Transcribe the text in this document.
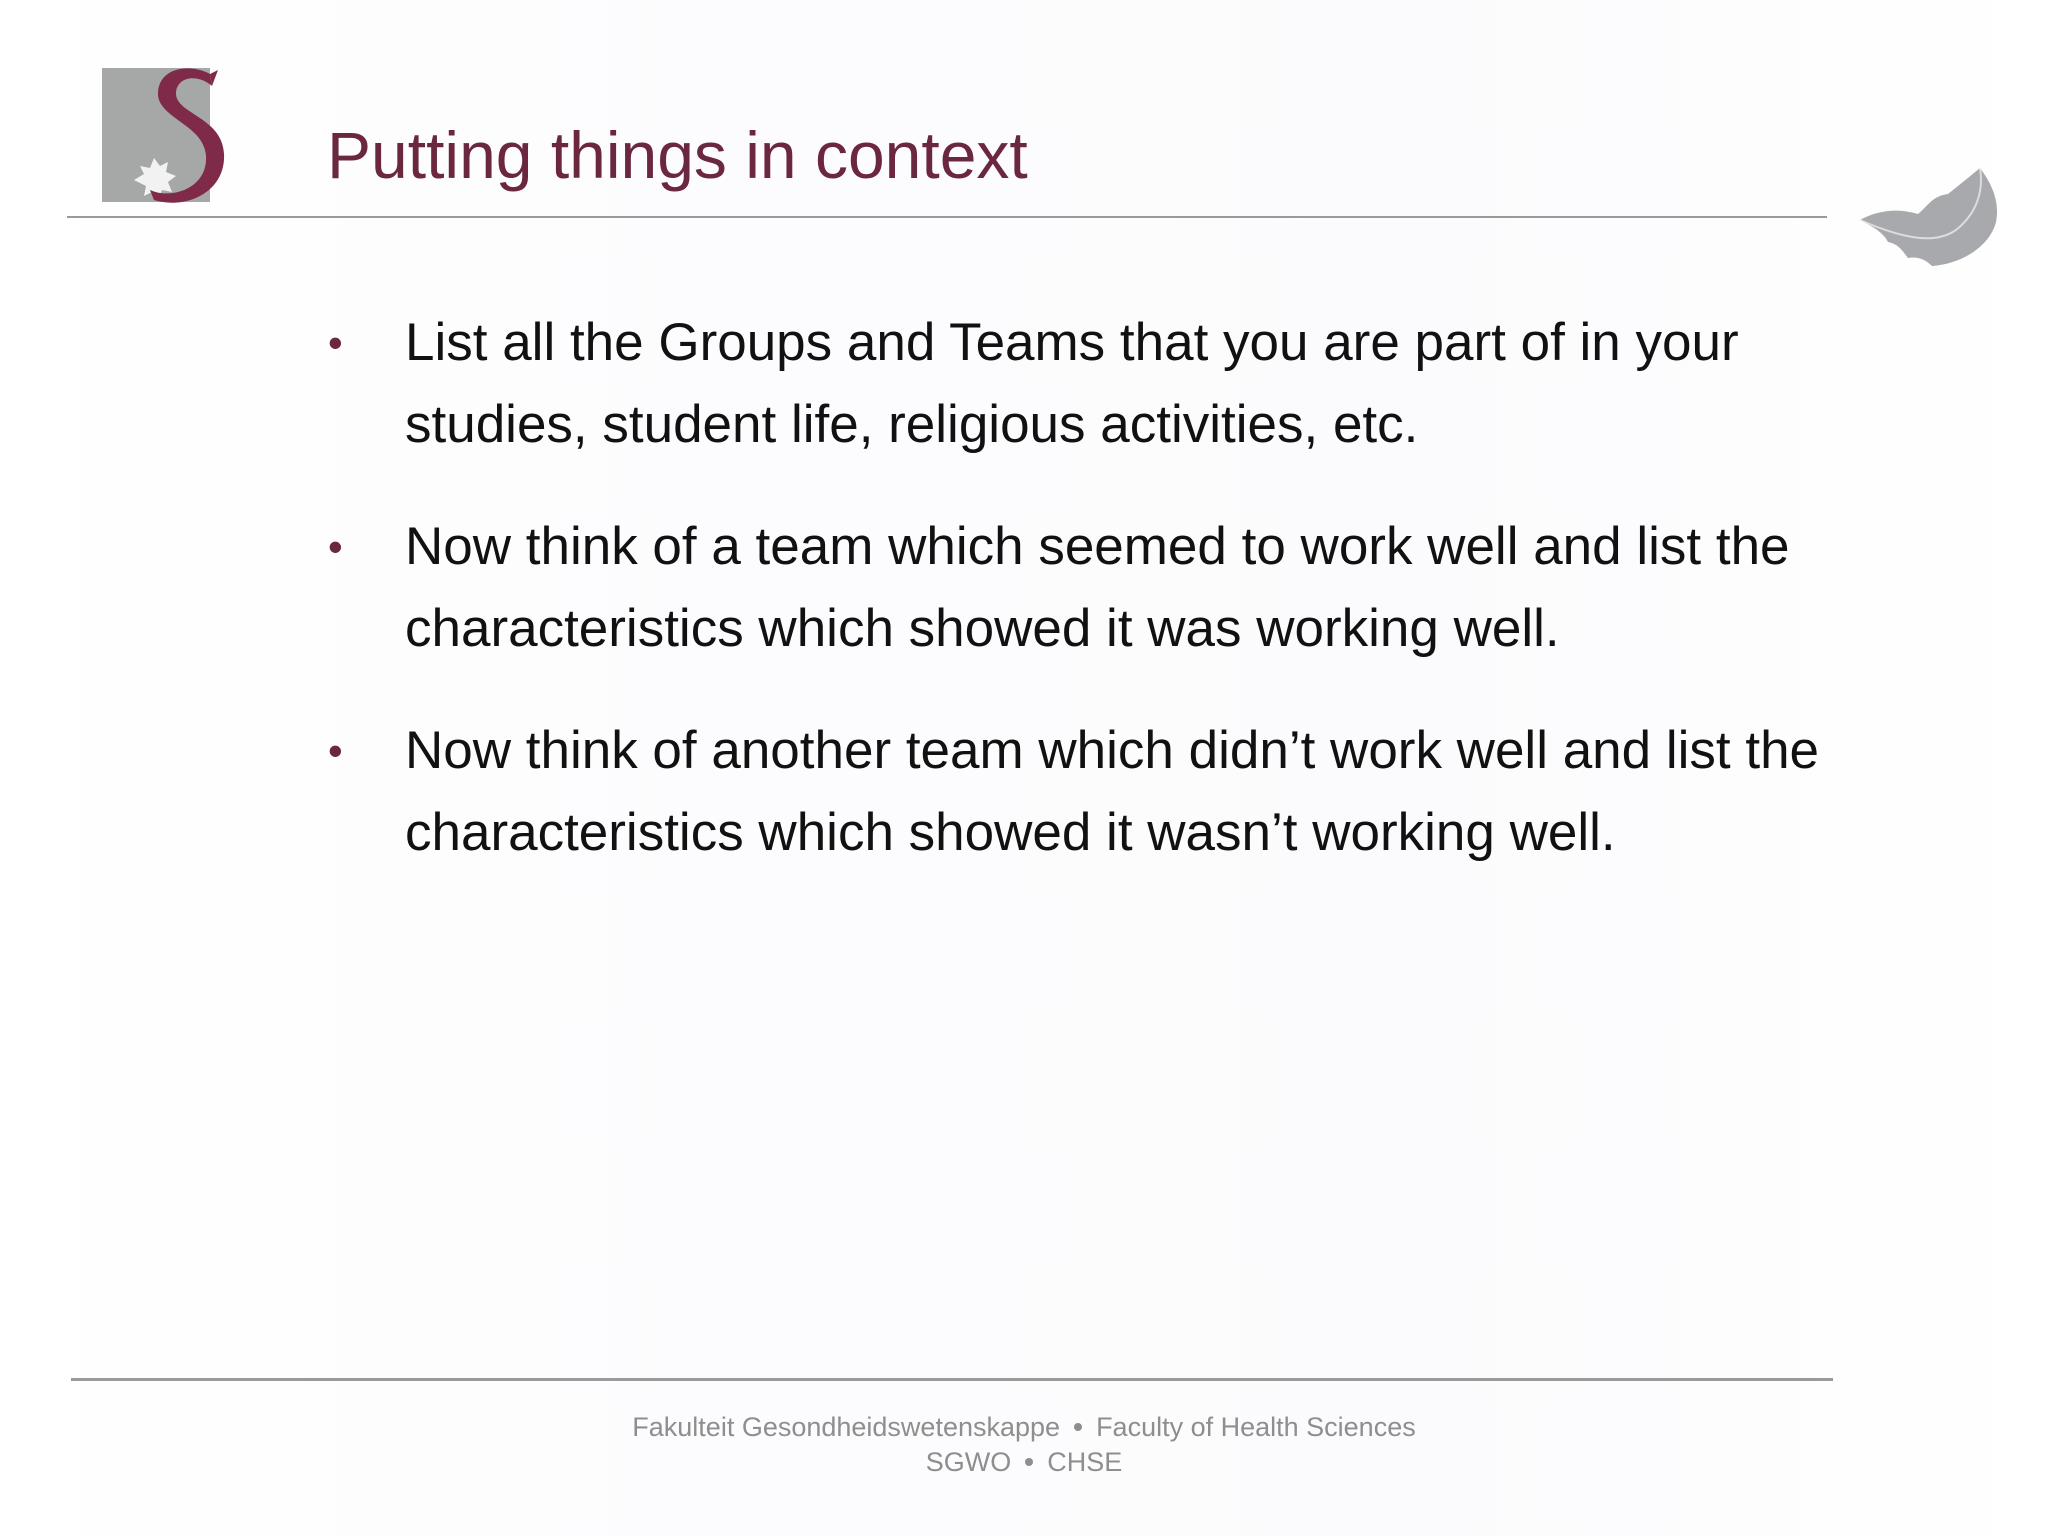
Putting things in context
• List all the Groups and Teams that you are part of in your studies, student life, religious activities, etc.
• Now think of a team which seemed to work well and list the characteristics which showed it was working well.
• Now think of another team which didn’t work well and list the characteristics which showed it wasn’t working well.
Fakulteit Gesondheidswetenskappe Faculty of Health Sciences
SGWO CHSE
